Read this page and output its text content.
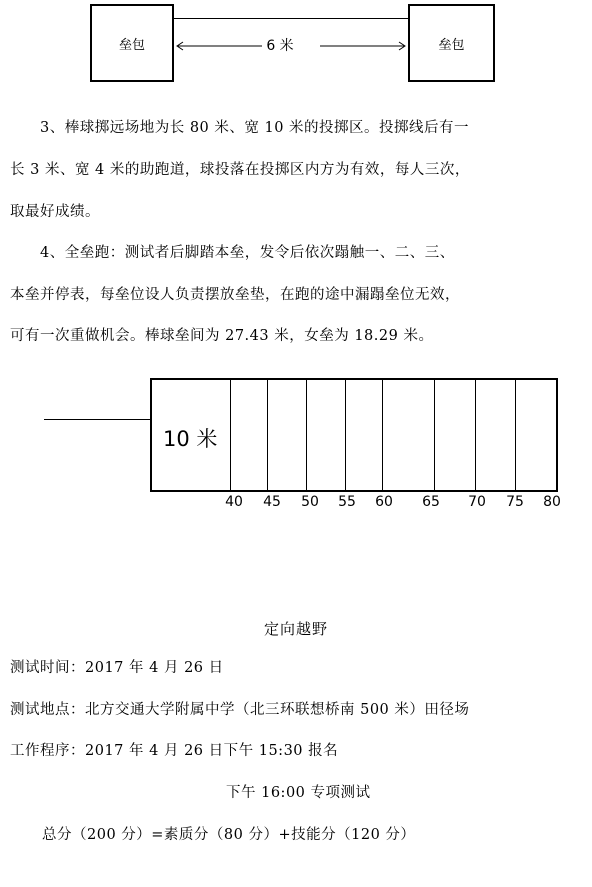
垒包	垒包
6 米
3、棒球掷远场地为长 80 米、宽 10 米的投掷区。投掷线后有一
长 3 米、宽 4 米的助跑道，球投落在投掷区内方为有效，每人三次，
取最好成绩。
4、全垒跑：测试者后脚踏本垒，发令后依次蹋触一、二、三、
本垒并停表，每垒位设人负责摆放垒垫，在跑的途中漏蹋垒位无效，
可有一次重做机会。棒球垒间为 27.43 米，女垒为 18.29 米。
10 米
40	45	50	55	60	65	70	75	80
定向越野
测试时间：2017 年 4 月 26 日
测试地点：北方交通大学附属中学（北三环联想桥南 500 米）田径场
工作程序：2017 年 4 月 26 日下午 15:30 报名
下午 16:00 专项测试
总分（200 分）=素质分（80 分）+技能分（120 分）
